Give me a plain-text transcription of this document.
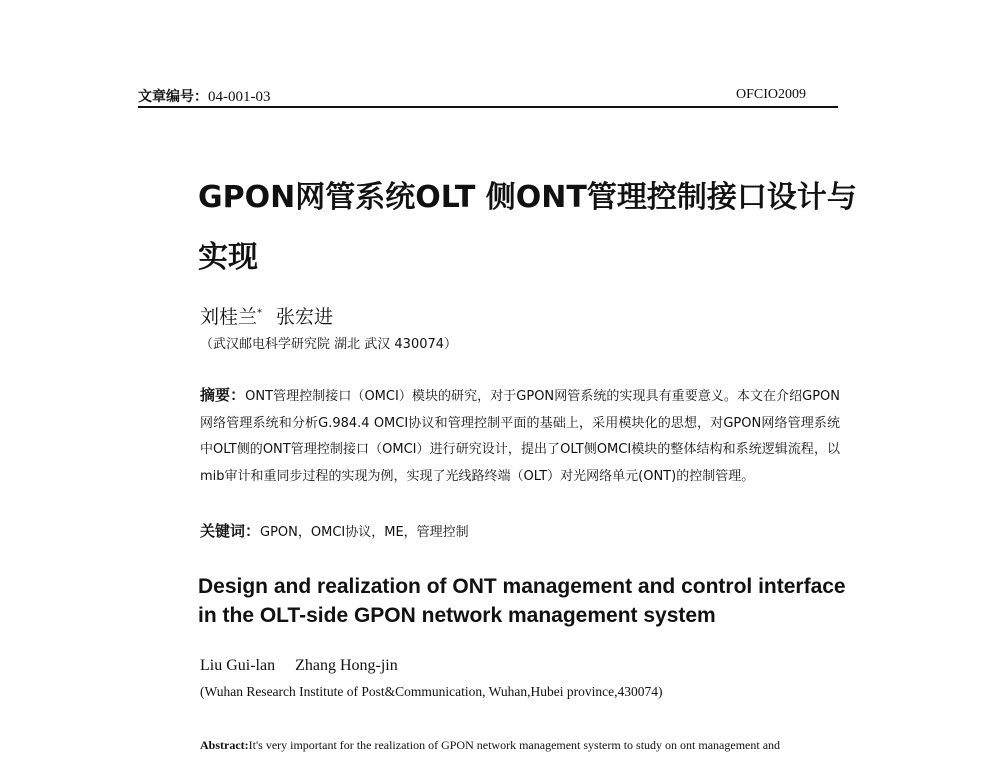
文章编号：04-001-03	OFCIO2009
GPON网管系统OLT 侧ONT管理控制接口设计与实现
刘桂兰* 张宏进
（武汉邮电科学研究院 湖北 武汉 430074）
摘要：ONT管理控制接口（OMCI）模块的研究，对于GPON网管系统的实现具有重要意义。本文在介绍GPON网络管理系统和分析G.984.4 OMCI协议和管理控制平面的基础上，采用模块化的思想，对GPON网络管理系统中OLT侧的ONT管理控制接口（OMCI）进行研究设计，提出了OLT侧OMCI模块的整体结构和系统逻辑流程，以mib审计和重同步过程的实现为例，实现了光线路终端（OLT）对光网络单元(ONT)的控制管理。
关键词：GPON，OMCI协议，ME，管理控制
Design and realization of ONT management and control interface in the OLT-side GPON network management system
Liu Gui-lan Zhang Hong-jin
(Wuhan Research Institute of Post&Communication, Wuhan,Hubei province,430074)
Abstract:It's very important for the realization of GPON network management systerm to study on ont management and
